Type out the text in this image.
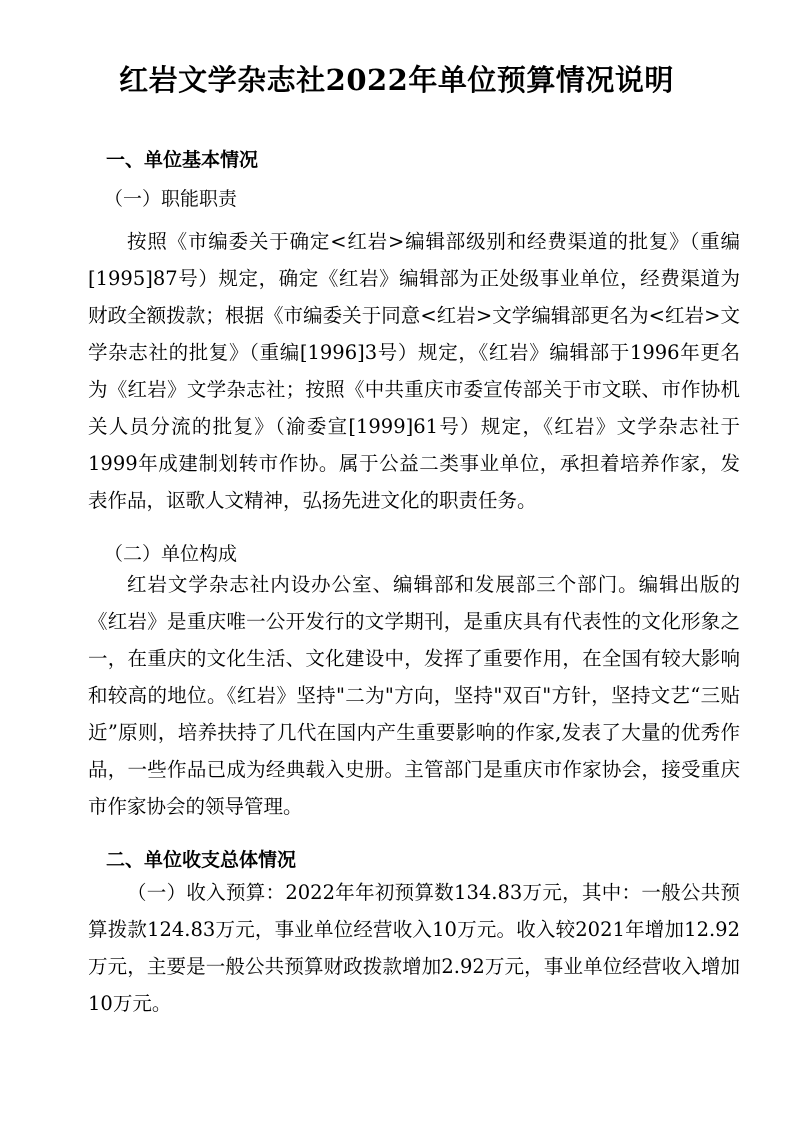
红岩文学杂志社2022年单位预算情况说明
一、单位基本情况
（一）职能职责

按照《市编委关于确定<红岩>编辑部级别和经费渠道的批复》（重编[1995]87号）规定，确定《红岩》编辑部为正处级事业单位，经费渠道为财政全额拨款；根据《市编委关于同意<红岩>文学编辑部更名为<红岩>文学杂志社的批复》（重编[1996]3号）规定，《红岩》编辑部于1996年更名为《红岩》文学杂志社；按照《中共重庆市委宣传部关于市文联、市作协机关人员分流的批复》（渝委宣[1999]61号）规定，《红岩》文学杂志社于1999年成建制划转市作协。属于公益二类事业单位，承担着培养作家，发表作品，讴歌人文精神，弘扬先进文化的职责任务。

（二）单位构成

红岩文学杂志社内设办公室、编辑部和发展部三个部门。编辑出版的《红岩》是重庆唯一公开发行的文学期刊，是重庆具有代表性的文化形象之一，在重庆的文化生活、文化建设中，发挥了重要作用，在全国有较大影响和较高的地位。《红岩》坚持"二为"方向，坚持"双百"方针，坚持文艺“三贴近”原则，培养扶持了几代在国内产生重要影响的作家,发表了大量的优秀作品，一些作品已成为经典载入史册。主管部门是重庆市作家协会，接受重庆市作家协会的领导管理。

二、单位收支总体情况

（一）收入预算：2022年年初预算数134.83万元，其中：一般公共预算拨款124.83万元，事业单位经营收入10万元。收入较2021年增加12.92万元，主要是一般公共预算财政拨款增加2.92万元，事业单位经营收入增加10万元。
